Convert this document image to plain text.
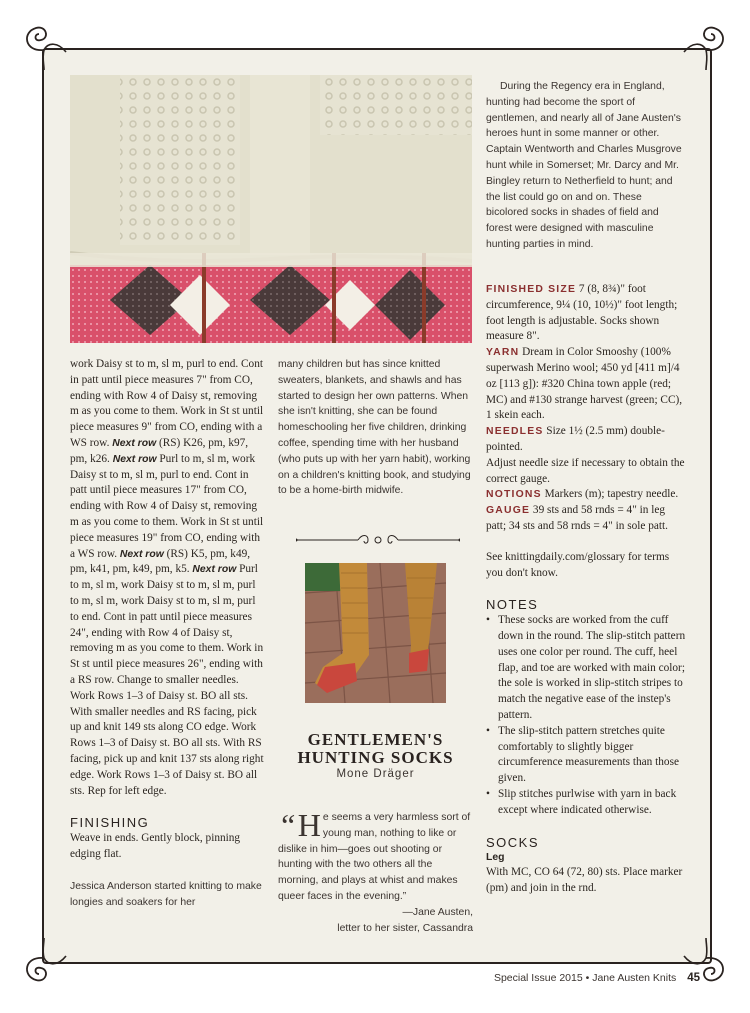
work Daisy st to m, sl m, purl to end. Cont in patt until piece measures 7" from CO, ending with Row 4 of Daisy st, removing m as you come to them. Work in St st until piece measures 9" from CO, ending with a WS row. Next row (RS) K26, pm, k97, pm, k26. Next row Purl to m, sl m, work Daisy st to m, sl m, purl to end. Cont in patt until piece measures 17" from CO, ending with Row 4 of Daisy st, removing m as you come to them. Work in St st until piece measures 19" from CO, ending with a WS row. Next row (RS) K5, pm, k49, pm, k41, pm, k49, pm, k5. Next row Purl to m, sl m, work Daisy st to m, sl m, purl to m, sl m, work Daisy st to m, sl m, purl to end. Cont in patt until piece measures 24", ending with Row 4 of Daisy st, removing m as you come to them. Work in St st until piece measures 26", ending with a RS row. Change to smaller needles. Work Rows 1–3 of Daisy st. BO all sts. With smaller needles and RS facing, pick up and knit 149 sts along CO edge. Work Rows 1–3 of Daisy st. BO all sts. With RS facing, pick up and knit 137 sts along right edge. Work Rows 1–3 of Daisy st. BO all sts. Rep for left edge.

FINISHING

Weave in ends. Gently block, pinning edging flat.

Jessica Anderson started knitting to make longies and soakers for her

many children but has since knitted sweaters, blankets, and shawls and has started to design her own patterns. When she isn't knitting, she can be found homeschooling her five children, drinking coffee, spending time with her husband (who puts up with her yarn habit), working on a children's knitting book, and studying to be a home-birth midwife.
GENTLEMEN'S
HUNTING SOCKS
Mone Dräger
“ H e seems a very harmless sort of young man, nothing to like or dislike in him—goes out shooting or hunting with the two others all the morning, and plays at whist and makes queer faces in the evening.”
—Jane Austen,
letter to her sister, Cassandra
During the Regency era in England, hunting had become the sport of gentlemen, and nearly all of Jane Austen's heroes hunt in some manner or other. Captain Wentworth and Charles Musgrove hunt while in Somerset; Mr. Darcy and Mr. Bingley return to Netherfield to hunt; and the list could go on and on. These bicolored socks in shades of field and forest were designed with masculine hunting parties in mind.

FINISHED SIZE 7 (8, 8¾)" foot circumference, 9¼ (10, 10½)" foot length; foot length is adjustable. Socks shown measure 8".

YARN Dream in Color Smooshy (100% superwash Merino wool; 450 yd [411 m]/4 oz [113 g]): #320 China town apple (red; MC) and #130 strange harvest (green; CC), 1 skein each.

NEEDLES Size 1½ (2.5 mm) double-pointed.

Adjust needle size if necessary to obtain the correct gauge.

NOTIONS Markers (m); tapestry needle.

GAUGE 39 sts and 58 rnds = 4" in leg patt; 34 sts and 58 rnds = 4" in sole patt.

See knittingdaily.com/glossary for terms you don't know.

NOTES
• These socks are worked from the cuff down in the round. The slip-stitch pattern uses one color per round. The cuff, heel flap, and toe are worked with main color; the sole is worked in slip-stitch stripes to match the negative ease of the instep's pattern.
• The slip-stitch pattern stretches quite comfortably to slightly bigger circumference measurements than those given.
• Slip stitches purlwise with yarn in back except where indicated otherwise.
SOCKS
Leg

With MC, CO 64 (72, 80) sts. Place marker (pm) and join in the rnd.

Special Issue 2015 • Jane Austen Knits 45
